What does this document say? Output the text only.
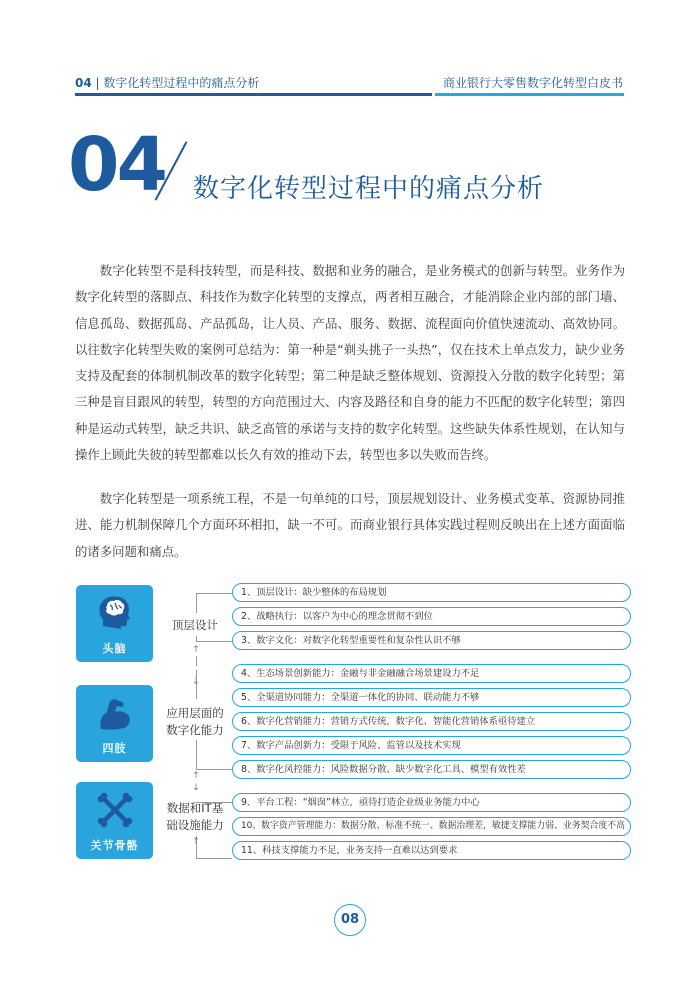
04 | 数字化转型过程中的痛点分析	商业银行大零售数字化转型白皮书
04 数字化转型过程中的痛点分析
数字化转型不是科技转型，而是科技、数据和业务的融合，是业务模式的创新与转型。业务作为数字化转型的落脚点、科技作为数字化转型的支撑点，两者相互融合，才能消除企业内部的部门墙、信息孤岛、数据孤岛、产品孤岛，让人员、产品、服务、数据、流程面向价值快速流动、高效协同。以往数字化转型失败的案例可总结为：第一种是“剃头挑子一头热”，仅在技术上单点发力，缺少业务支持及配套的体制机制改革的数字化转型；第二种是缺乏整体规划、资源投入分散的数字化转型；第三种是盲目跟风的转型，转型的方向范围过大、内容及路径和自身的能力不匹配的数字化转型；第四种是运动式转型，缺乏共识、缺乏高管的承诺与支持的数字化转型。这些缺失体系性规划，在认知与操作上顾此失彼的转型都难以长久有效的推动下去，转型也多以失败而告终。
数字化转型是一项系统工程，不是一句单纯的口号，顶层规划设计、业务模式变革、资源协同推进、能力机制保障几个方面环环相扣，缺一不可。而商业银行具体实践过程则反映出在上述方面面临的诸多问题和痛点。
头脑
四肢
关节骨骼
顶层设计
应用层面的
数字化能力
数据和IT基
础设施能力
↑
↓
↑
↓
↑
1、顶层设计：缺少整体的布局规划
2、战略执行：以客户为中心的理念贯彻不到位
3、数字文化：对数字化转型重要性和复杂性认识不够
4、生态场景创新能力：金融与非金融融合场景建设力不足
5、全渠道协同能力：全渠道一体化的协同、联动能力不够
6、数字化营销能力：营销方式传统，数字化、智能化营销体系亟待建立
7、数字产品创新力：受限于风险、监管以及技术实现
8、数字化风控能力：风险数据分散、缺少数字化工具、模型有效性差
9、平台工程：“烟囱”林立，亟待打造企业级业务能力中心
10、数字资产管理能力：数据分散、标准不统一、数据治理差，敏捷支撑能力弱、业务契合度不高
11、科技支撑能力不足，业务支持一直难以达到要求
08
